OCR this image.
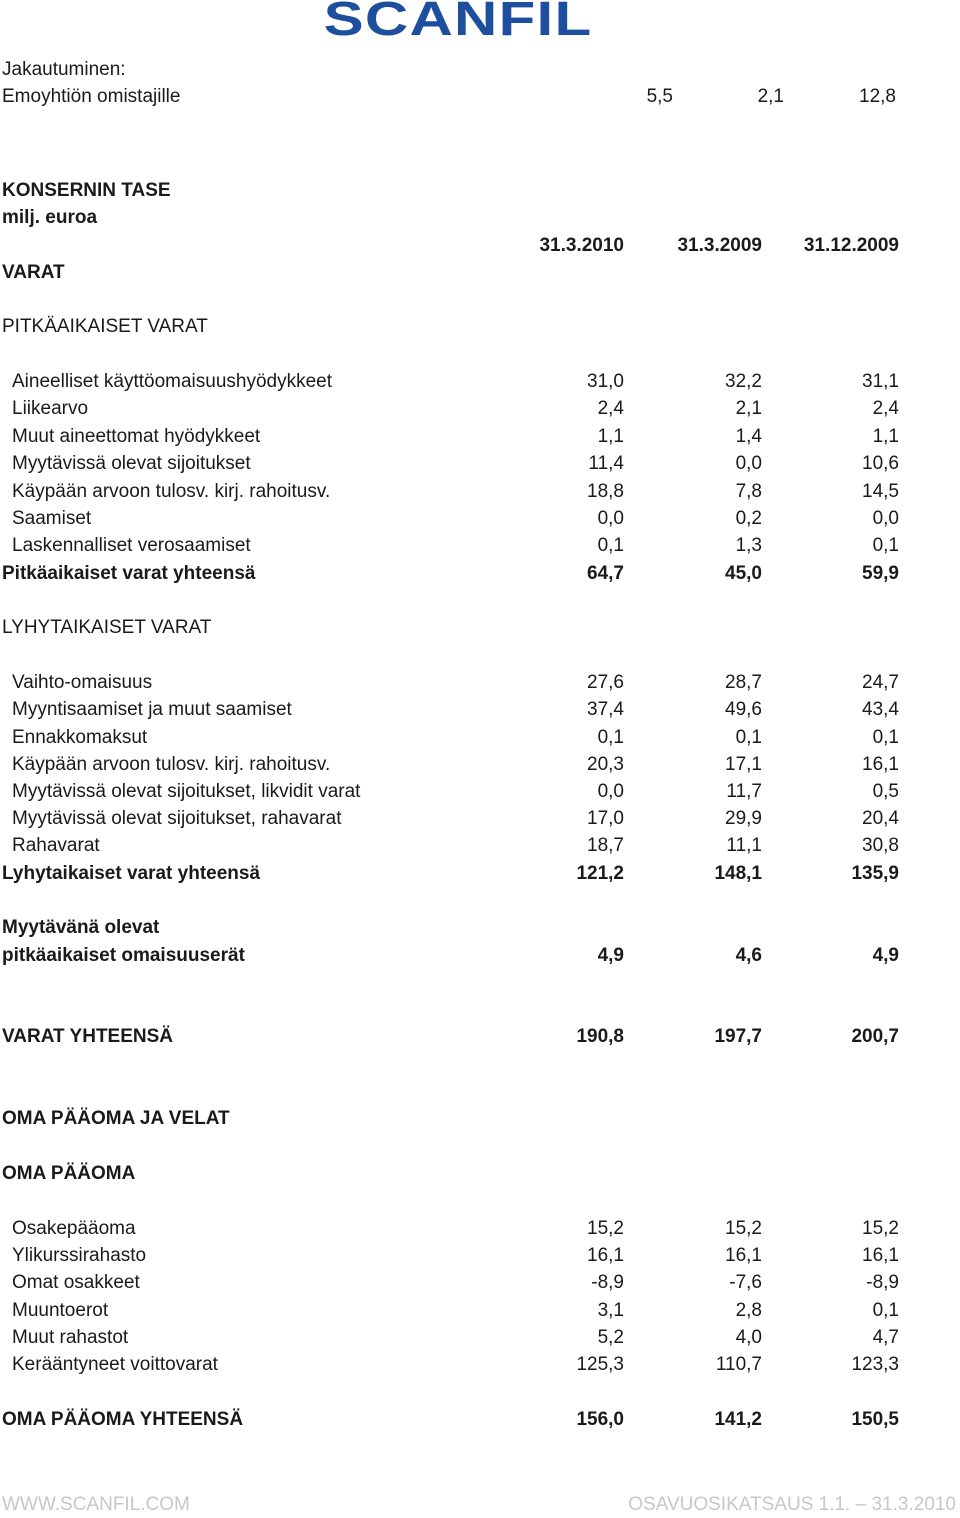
SCANFIL
Jakautuminen:
Emoyhtiön omistajille	5,5	2,1	12,8
KONSERNIN TASE
milj. euroa
31.3.2010	31.3.2009	31.12.2009
VARAT
PITKÄAIKAISET VARAT
Aineelliset käyttöomaisuushyödykkeet	31,0	32,2	31,1
Liikearvo	2,4	2,1	2,4
Muut aineettomat hyödykkeet	1,1	1,4	1,1
Myytävissä olevat sijoitukset	11,4	0,0	10,6
Käypään arvoon tulosv. kirj. rahoitusv.	18,8	7,8	14,5
Saamiset	0,0	0,2	0,0
Laskennalliset verosaamiset	0,1	1,3	0,1
Pitkäaikaiset varat yhteensä	64,7	45,0	59,9
LYHYTAIKAISET VARAT
Vaihto-omaisuus	27,6	28,7	24,7
Myyntisaamiset ja muut saamiset	37,4	49,6	43,4
Ennakkomaksut	0,1	0,1	0,1
Käypään arvoon tulosv. kirj. rahoitusv.	20,3	17,1	16,1
Myytävissä olevat sijoitukset, likvidit varat	0,0	11,7	0,5
Myytävissä olevat sijoitukset, rahavarat	17,0	29,9	20,4
Rahavarat	18,7	11,1	30,8
Lyhytaikaiset varat yhteensä	121,2	148,1	135,9
Myytävänä olevat
pitkäaikaiset omaisuuserät	4,9	4,6	4,9
VARAT YHTEENSÄ	190,8	197,7	200,7
OMA PÄÄOMA JA VELAT
OMA PÄÄOMA
Osakepääoma	15,2	15,2	15,2
Ylikurssirahasto	16,1	16,1	16,1
Omat osakkeet	-8,9	-7,6	-8,9
Muuntoerot	3,1	2,8	0,1
Muut rahastot	5,2	4,0	4,7
Kerääntyneet voittovarat	125,3	110,7	123,3
OMA PÄÄOMA YHTEENSÄ	156,0	141,2	150,5
WWW.SCANFIL.COM	OSAVUOSIKATSAUS 1.1. – 31.3.2010
